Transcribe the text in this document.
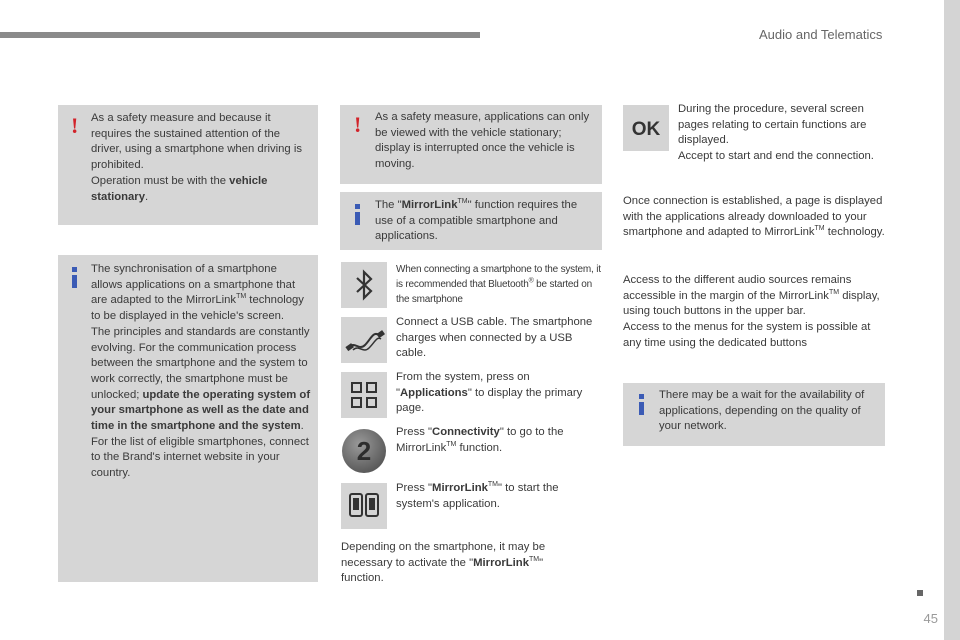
Audio and Telematics
! As a safety measure and because it requires the sustained attention of the driver, using a smartphone when driving is prohibited.
Operation must be with the vehicle stationary.
The synchronisation of a smartphone allows applications on a smartphone that are adapted to the MirrorLink™ technology to be displayed in the vehicle's screen.
The principles and standards are constantly evolving. For the communication process between the smartphone and the system to work correctly, the smartphone must be unlocked; update the operating system of your smartphone as well as the date and time in the smartphone and the system.
For the list of eligible smartphones, connect to the Brand's internet website in your country.
! As a safety measure, applications can only be viewed with the vehicle stationary; display is interrupted once the vehicle is moving.
The "MirrorLink™" function requires the use of a compatible smartphone and applications.
When connecting a smartphone to the system, it is recommended that Bluetooth® be started on the smartphone
Connect a USB cable. The smartphone charges when connected by a USB cable.
From the system, press on "Applications" to display the primary page.
2
Press "Connectivity" to go to the MirrorLink™ function.
Press "MirrorLink™" to start the system's application.
Depending on the smartphone, it may be necessary to activate the "MirrorLink™" function.
OK
During the procedure, several screen pages relating to certain functions are displayed.
Accept to start and end the connection.
Once connection is established, a page is displayed with the applications already downloaded to your smartphone and adapted to MirrorLink™ technology.
Access to the different audio sources remains accessible in the margin of the MirrorLink™ display, using touch buttons in the upper bar.
Access to the menus for the system is possible at any time using the dedicated buttons
There may be a wait for the availability of applications, depending on the quality of your network.
45
